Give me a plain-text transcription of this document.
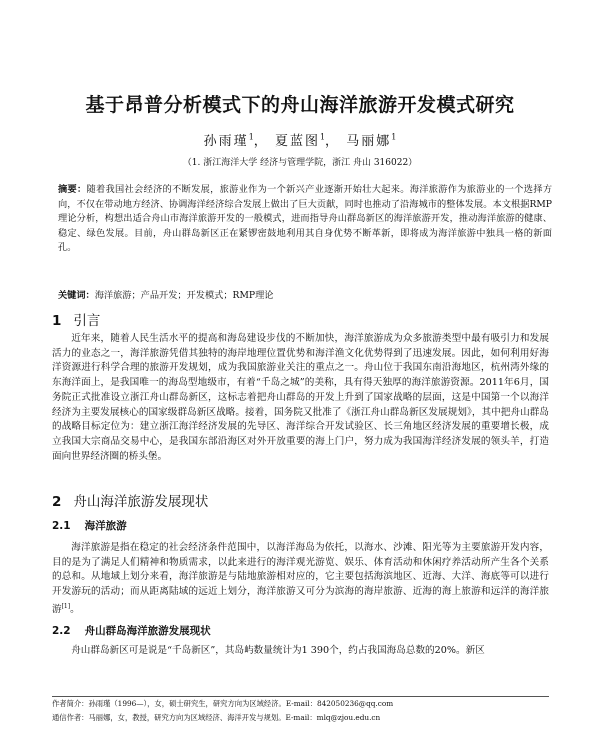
基于昂普分析模式下的舟山海洋旅游开发模式研究
孙雨瑾$^1$， 夏蓝图$^1$， 马丽娜$^1$
（1. 浙江海洋大学 经济与管理学院，浙江 舟山 316022）
摘要：随着我国社会经济的不断发展，旅游业作为一个新兴产业逐渐开始壮大起来。海洋旅游作为旅游业的一个选择方向，不仅在带动地方经济、协调海洋经济综合发展上做出了巨大贡献，同时也推动了沿海城市的整体发展。本文根据RMP理论分析，构想出适合舟山市海洋旅游开发的一般模式，进而指导舟山群岛新区的海洋旅游开发，推动海洋旅游的健康、稳定、绿色发展。目前，舟山群岛新区正在紧锣密鼓地利用其自身优势不断革新，即将成为海洋旅游中独具一格的新面孔。
关键词：海洋旅游；产品开发；开发模式；RMP理论
1 引言
近年来，随着人民生活水平的提高和海岛建设步伐的不断加快，海洋旅游成为众多旅游类型中最有吸引力和发展活力的业态之一，海洋旅游凭借其独特的海岸地理位置优势和海洋渔文化优势得到了迅速发展。因此，如何利用好海洋资源进行科学合理的旅游开发规划，成为我国旅游业关注的重点之一。舟山位于我国东南沿海地区，杭州湾外缘的东海洋面上，是我国唯一的海岛型地级市，有着“千岛之城”的美称，具有得天独厚的海洋旅游资源。2011年6月，国务院正式批准设立浙江舟山群岛新区，这标志着把舟山群岛的开发上升到了国家战略的层面，这是中国第一个以海洋经济为主要发展核心的国家级群岛新区战略。接着，国务院又批准了《浙江舟山群岛新区发展规划》，其中把舟山群岛的战略目标定位为：建立浙江海洋经济发展的先导区、海洋综合开发试验区、长三角地区经济发展的重要增长极，成立我国大宗商品交易中心，是我国东部沿海区对外开放重要的海上门户，努力成为我国海洋经济发展的领头羊，打造面向世界经济圈的桥头堡。
2 舟山海洋旅游发展现状
2.1 海洋旅游
海洋旅游是指在稳定的社会经济条件范围中，以海洋海岛为依托，以海水、沙滩、阳光等为主要旅游开发内容，目的是为了满足人们精神和物质需求，以此来进行的海洋观光游览、娱乐、体育活动和休闲疗养活动所产生各个关系的总和。从地域上划分来看，海洋旅游是与陆地旅游相对应的，它主要包括海滨地区、近海、大洋、海底等可以进行开发游玩的活动；而从距离陆域的远近上划分，海洋旅游又可分为滨海的海岸旅游、近海的海上旅游和远洋的海洋旅游[1]。
2.2 舟山群岛海洋旅游发展现状
舟山群岛新区可是说是“千岛新区”，其岛屿数量统计为1 390个，约占我国海岛总数的20%。新区
作者简介：孙雨瑾（1996—），女，硕士研究生，研究方向为区域经济。E-mail：842050236@qq.com
通信作者：马丽娜，女，教授，研究方向为区域经济、海洋开发与规划。E-mail：mlq@zjou.edu.cn
